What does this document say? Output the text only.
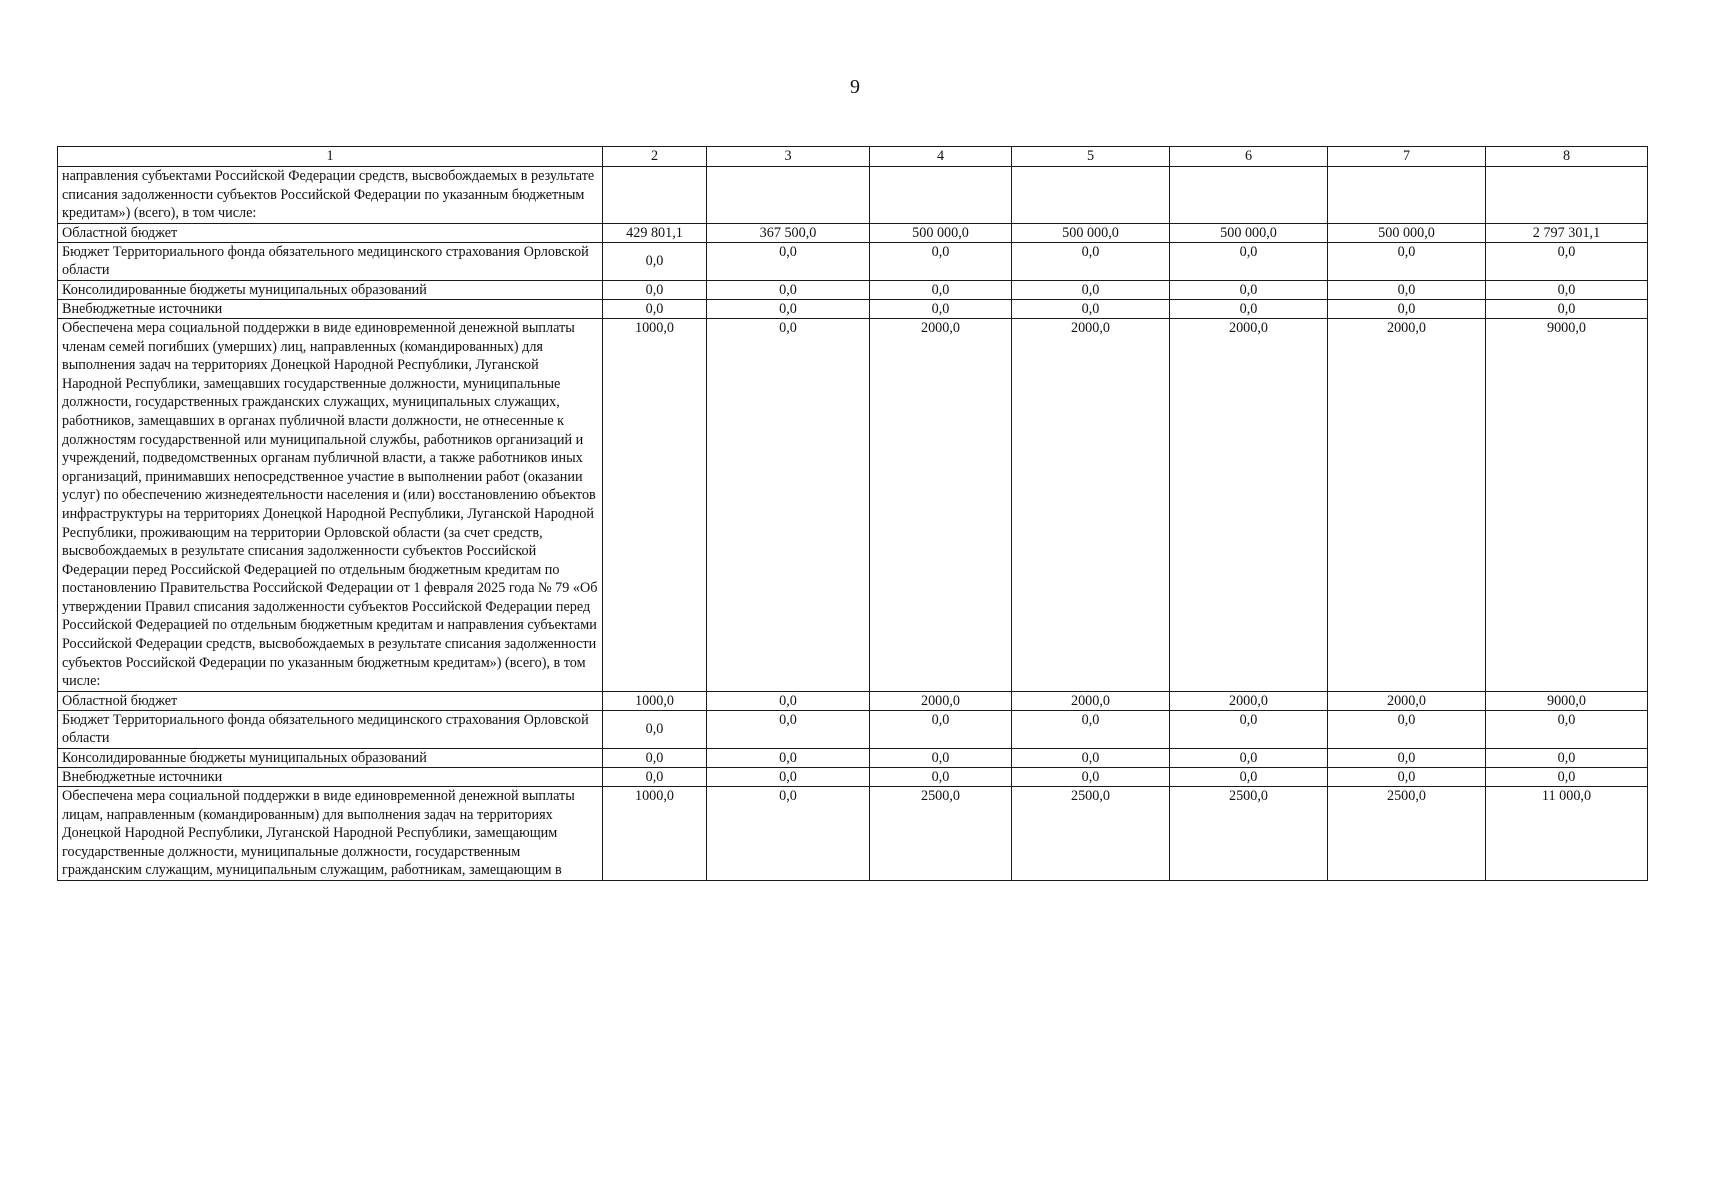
9
1	2	3	4	5	6	7	8
направления субъектами Российской Федерации средств, высвобождаемых в результате списания задолженности субъектов Российской Федерации по указанным бюджетным кредитам») (всего), в том числе:							
Областной бюджет	429 801,1	367 500,0	500 000,0	500 000,0	500 000,0	500 000,0	2 797 301,1
Бюджет Территориального фонда обязательного медицинского страхования Орловской области	0,0	0,0	0,0	0,0	0,0	0,0	0,0
Консолидированные бюджеты муниципальных образований	0,0	0,0	0,0	0,0	0,0	0,0	0,0
Внебюджетные источники	0,0	0,0	0,0	0,0	0,0	0,0	0,0
Обеспечена мера социальной поддержки в виде единовременной денежной выплаты членам семей погибших (умерших) лиц, направленных (командированных) для выполнения задач на территориях Донецкой Народной Республики, Луганской Народной Республики, замещавших государственные должности, муниципальные должности, государственных гражданских служащих, муниципальных служащих, работников, замещавших в органах публичной власти должности, не отнесенные к должностям государственной или муниципальной службы, работников организаций и учреждений, подведомственных органам публичной власти, а также работников иных организаций, принимавших непосредственное участие в выполнении работ (оказании услуг) по обеспечению жизнедеятельности населения и (или) восстановлению объектов инфраструктуры на территориях Донецкой Народной Республики, Луганской Народной Республики, проживающим на территории Орловской области (за счет средств, высвобождаемых в результате списания задолженности субъектов Российской Федерации перед Российской Федерацией по отдельным бюджетным кредитам по постановлению Правительства Российской Федерации от 1 февраля 2025 года № 79 «Об утверждении Правил списания задолженности субъектов Российской Федерации перед Российской Федерацией по отдельным бюджетным кредитам и направления субъектами Российской Федерации средств, высвобождаемых в результате списания задолженности субъектов Российской Федерации по указанным бюджетным кредитам») (всего), в том числе:	1000,0	0,0	2000,0	2000,0	2000,0	2000,0	9000,0
Областной бюджет	1000,0	0,0	2000,0	2000,0	2000,0	2000,0	9000,0
Бюджет Территориального фонда обязательного медицинского страхования Орловской области	0,0	0,0	0,0	0,0	0,0	0,0	0,0
Консолидированные бюджеты муниципальных образований	0,0	0,0	0,0	0,0	0,0	0,0	0,0
Внебюджетные источники	0,0	0,0	0,0	0,0	0,0	0,0	0,0
Обеспечена мера социальной поддержки в виде единовременной денежной выплаты лицам, направленным (командированным) для выполнения задач на территориях Донецкой Народной Республики, Луганской Народной Республики, замещающим государственные должности, муниципальные должности, государственным гражданским служащим, муниципальным служащим, работникам, замещающим в	1000,0	0,0	2500,0	2500,0	2500,0	2500,0	11 000,0
